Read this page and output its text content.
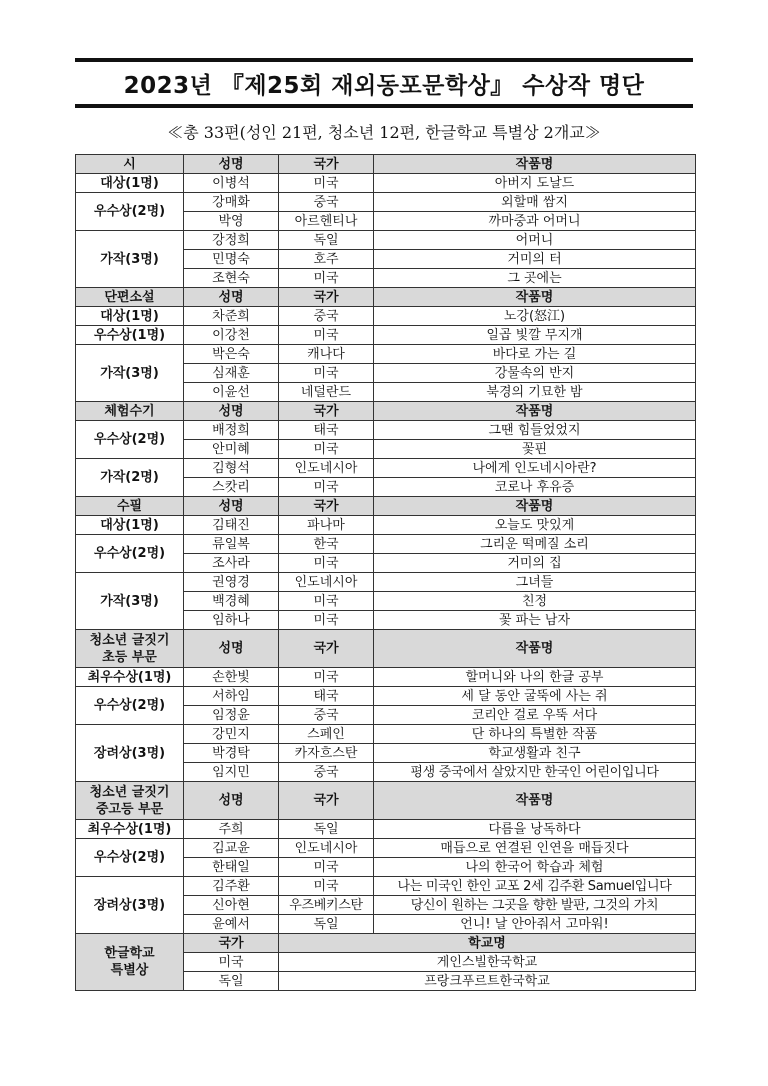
2023년 『제25회 재외동포문학상』 수상작 명단
≪총 33편(성인 21편, 청소년 12편, 한글학교 특별상 2개교≫
시	성명	국가	작품명
대상(1명)	이병석	미국	아버지 도날드
우수상(2명)	강매화	중국	외할매 쌈지
	박영	아르헨티나	까마중과 어머니
가작(3명)	강정희	독일	어머니
	민명숙	호주	거미의 터
	조현숙	미국	그 곳에는
단편소설	성명	국가	작품명
대상(1명)	차준희	중국	노강(怒江)
우수상(1명)	이강천	미국	일곱 빛깔 무지개
가작(3명)	박은숙	캐나다	바다로 가는 길
	심재훈	미국	강물속의 반지
	이윤선	네덜란드	북경의 기묘한 밤
체험수기	성명	국가	작품명
우수상(2명)	배정희	태국	그땐 힘들었었지
	안미혜	미국	꽃핀
가작(2명)	김형석	인도네시아	나에게 인도네시아란?
	스캇리	미국	코로나 후유증
수필	성명	국가	작품명
대상(1명)	김태진	파나마	오늘도 맛있게
우수상(2명)	류일복	한국	그리운 떡메질 소리
	조사라	미국	거미의 집
가작(3명)	권영경	인도네시아	그녀들
	백경혜	미국	친정
	임하나	미국	꽃 파는 남자

청소년 글짓기
초등 부문	성명	국가	작품명
최우수상(1명)	손한빛	미국	할머니와 나의 한글 공부
우수상(2명)	서하임	태국	세 달 동안 굴뚝에 사는 쥐
	임정윤	중국	코리안 걸로 우뚝 서다
장려상(3명)	강민지	스페인	단 하나의 특별한 작품
	박경탁	카자흐스탄	학교생활과 친구
	임지민	중국	평생 중국에서 살았지만 한국인 어린이입니다

청소년 글짓기
중고등 부문	성명	국가	작품명
최우수상(1명)	주희	독일	다름을 낭독하다
우수상(2명)	김교윤	인도네시아	매듭으로 연결된 인연을 매듭짓다
	한태일	미국	나의 한국어 학습과 체험
장려상(3명)	김주환	미국	나는 미국인 한인 교포 2세 김주환 Samuel입니다
	신아현	우즈베키스탄	당신이 원하는 그곳을 향한 발판, 그것의 가치
	윤예서	독일	언니! 날 안아줘서 고마워!

한글학교
특별상	국가	학교명	
	미국	게인스빌한국학교	
	독일	프랑크푸르트한국학교	
